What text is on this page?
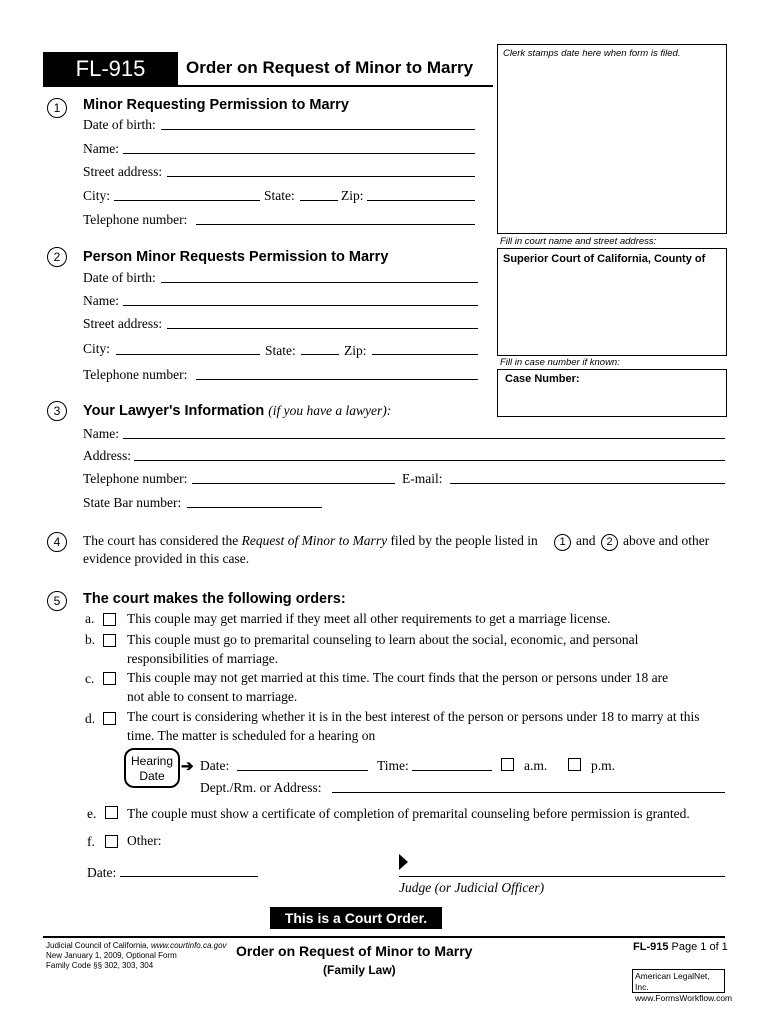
FL-915	Order on Request of Minor to Marry
Clerk stamps date here when form is filed.
Fill in court name and street address:
Superior Court of California, County of
Fill in case number if known:
Case Number:
1	Minor Requesting Permission to Marry
Date of birth:
Name:
Street address:
City:	State:	Zip:
Telephone number:
2	Person Minor Requests Permission to Marry
Date of birth:
Name:
Street address:
City:	State:	Zip:
Telephone number:
3	Your Lawyer's Information (if you have a lawyer):
Name:
Address:
Telephone number:	E-mail:
State Bar number:
4	The court has considered the Request of Minor to Marry filed by the people listed in	1 and 2 above and other
evidence provided in this case.
5	The court makes the following orders:
a. This couple may get married if they meet all other requirements to get a marriage license.
b. This couple must go to premarital counseling to learn about the social, economic, and personal
responsibilities of marriage.
c. This couple may not get married at this time. The court finds that the person or persons under 18 are
not able to consent to marriage.
d. The court is considering whether it is in the best interest of the person or persons under 18 to marry at this
time. The matter is scheduled for a hearing on
Hearing
Date
➔ Date:	Time:	a.m.	p.m.
Dept./Rm. or Address:
e. The couple must show a certificate of completion of premarital counseling before permission is granted.
f. Other:
Date:
Judge (or Judicial Officer)
This is a Court Order.
Judicial Council of California, www.courtinfo.ca.gov
New January 1, 2009, Optional Form
Family Code §§ 302, 303, 304
Order on Request of Minor to Marry
(Family Law)
FL-915 Page 1 of 1
American LegalNet, Inc.
www.FormsWorkflow.com
